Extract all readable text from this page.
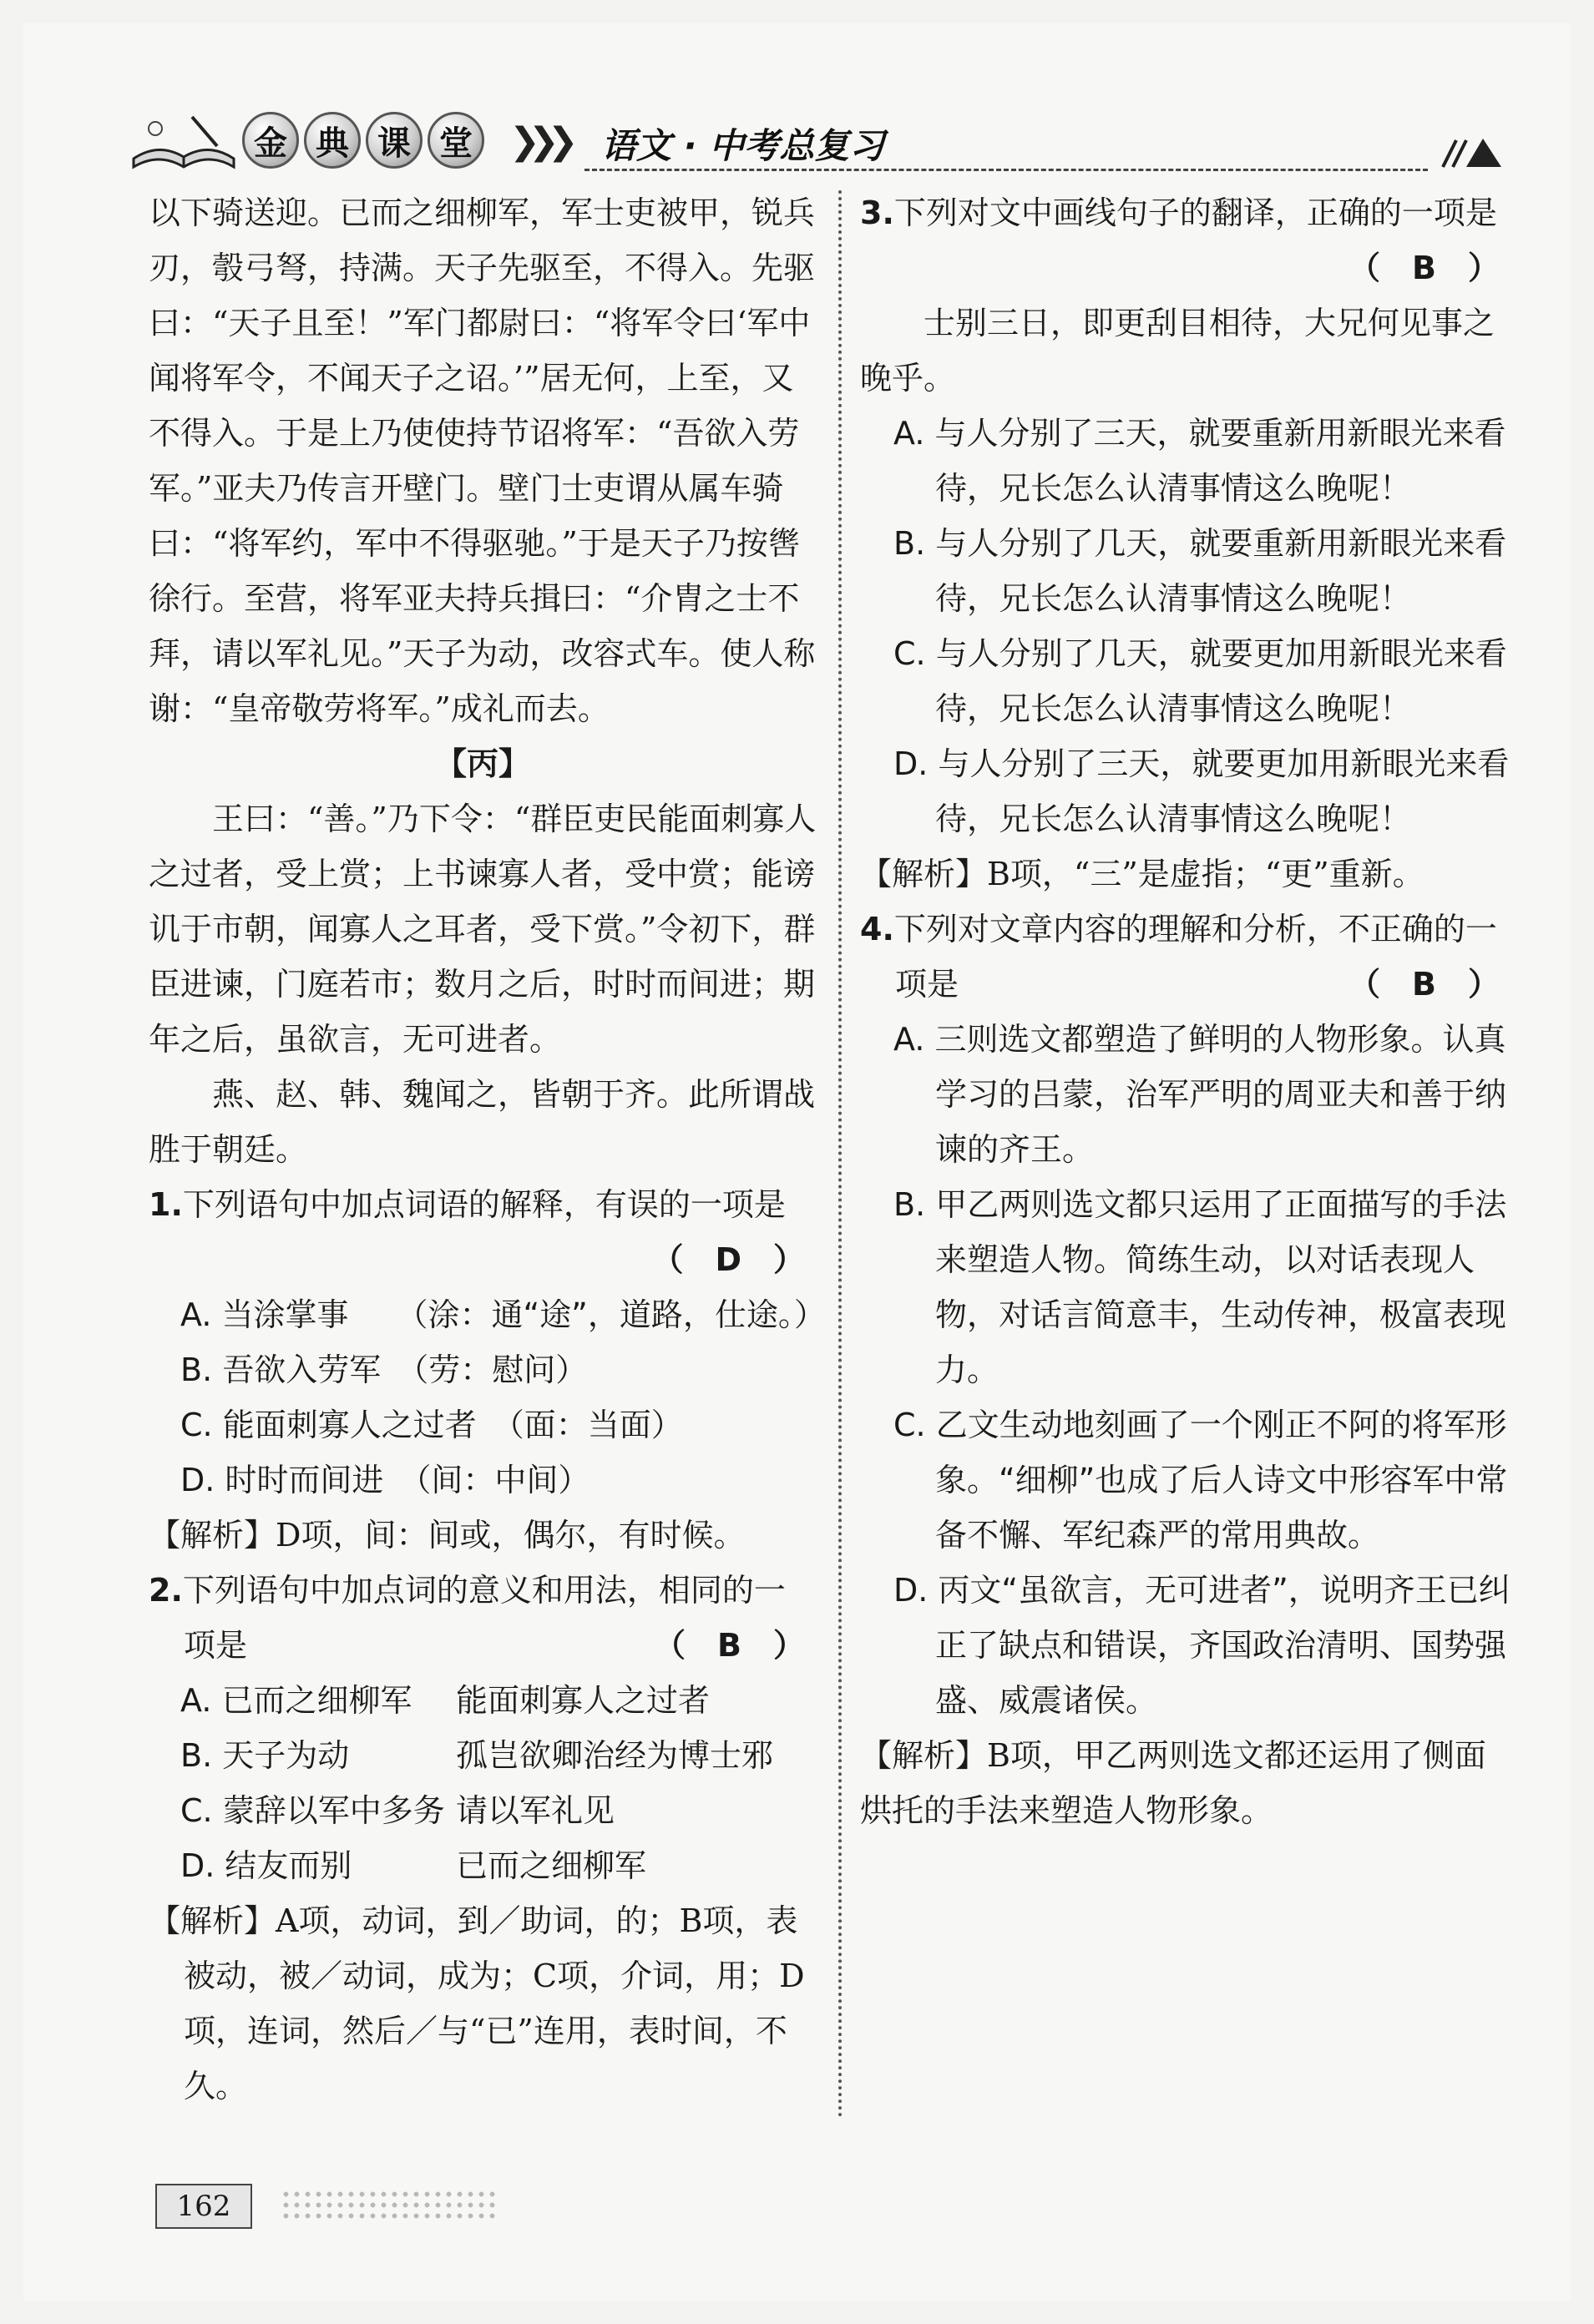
金 典 课 堂	❯❯❯ 语文 · 中考总复习

以下骑送迎。已而之细柳军，军士吏被甲，锐兵刃，彀弓弩，持满。天子先驱至，不得入。先驱曰：“天子且至！”军门都尉曰：“将军令曰‘军中闻将军令，不闻天子之诏。’”居无何，上至，又不得入。于是上乃使使持节诏将军：“吾欲入劳军。”亚夫乃传言开壁门。壁门士吏谓从属车骑曰：“将军约，军中不得驱驰。”于是天子乃按辔徐行。至营，将军亚夫持兵揖曰：“介胄之士不拜，请以军礼见。”天子为动，改容式车。使人称谢：“皇帝敬劳将军。”成礼而去。

【丙】

王曰：“善。”乃下令：“群臣吏民能面刺寡人之过者，受上赏；上书谏寡人者，受中赏；能谤讥于市朝，闻寡人之耳者，受下赏。”令初下，群臣进谏，门庭若市；数月之后，时时而间进；期年之后，虽欲言，无可进者。

燕、赵、韩、魏闻之，皆朝于齐。此所谓战胜于朝廷。

1.下列语句中加点词语的解释，有误的一项是

（　D　）

A. 当涂掌事　　（涂：通“途”，道路，仕途。）

B. 吾欲入劳军　（劳：慰问）

C. 能面刺寡人之过者　（面：当面）

D. 时时而间进　（间：中间）

【解析】D项，间：间或，偶尔，有时候。

2.下列语句中加点词的意义和用法，相同的一项是	（　B　）
A. 已而之细柳军	能面刺寡人之过者
B. 天子为动	孤岂欲卿治经为博士邪
C. 蒙辞以军中多务 请以军礼见
D. 结友而别	已而之细柳军

【解析】A项，动词，到／助词，的；B项，表被动，被／动词，成为；C项，介词，用；D项，连词，然后／与“已”连用，表时间，不久。

3.下列对文中画线句子的翻译，正确的一项是

（　B　）

士别三日，即更刮目相待，大兄何见事之晚乎。

A. 与人分别了三天，就要重新用新眼光来看待，兄长怎么认清事情这么晚呢！

B. 与人分别了几天，就要重新用新眼光来看待，兄长怎么认清事情这么晚呢！

C. 与人分别了几天，就要更加用新眼光来看待，兄长怎么认清事情这么晚呢！

D. 与人分别了三天，就要更加用新眼光来看待，兄长怎么认清事情这么晚呢！

【解析】B项，“三”是虚指；“更”重新。

4.下列对文章内容的理解和分析，不正确的一项是	（　B　）

A. 三则选文都塑造了鲜明的人物形象。认真学习的吕蒙，治军严明的周亚夫和善于纳谏的齐王。

B. 甲乙两则选文都只运用了正面描写的手法来塑造人物。简练生动，以对话表现人物，对话言简意丰，生动传神，极富表现力。

C. 乙文生动地刻画了一个刚正不阿的将军形象。“细柳”也成了后人诗文中形容军中常备不懈、军纪森严的常用典故。

D. 丙文“虽欲言，无可进者”，说明齐王已纠正了缺点和错误，齐国政治清明、国势强盛、威震诸侯。

【解析】B项，甲乙两则选文都还运用了侧面烘托的手法来塑造人物形象。

162
